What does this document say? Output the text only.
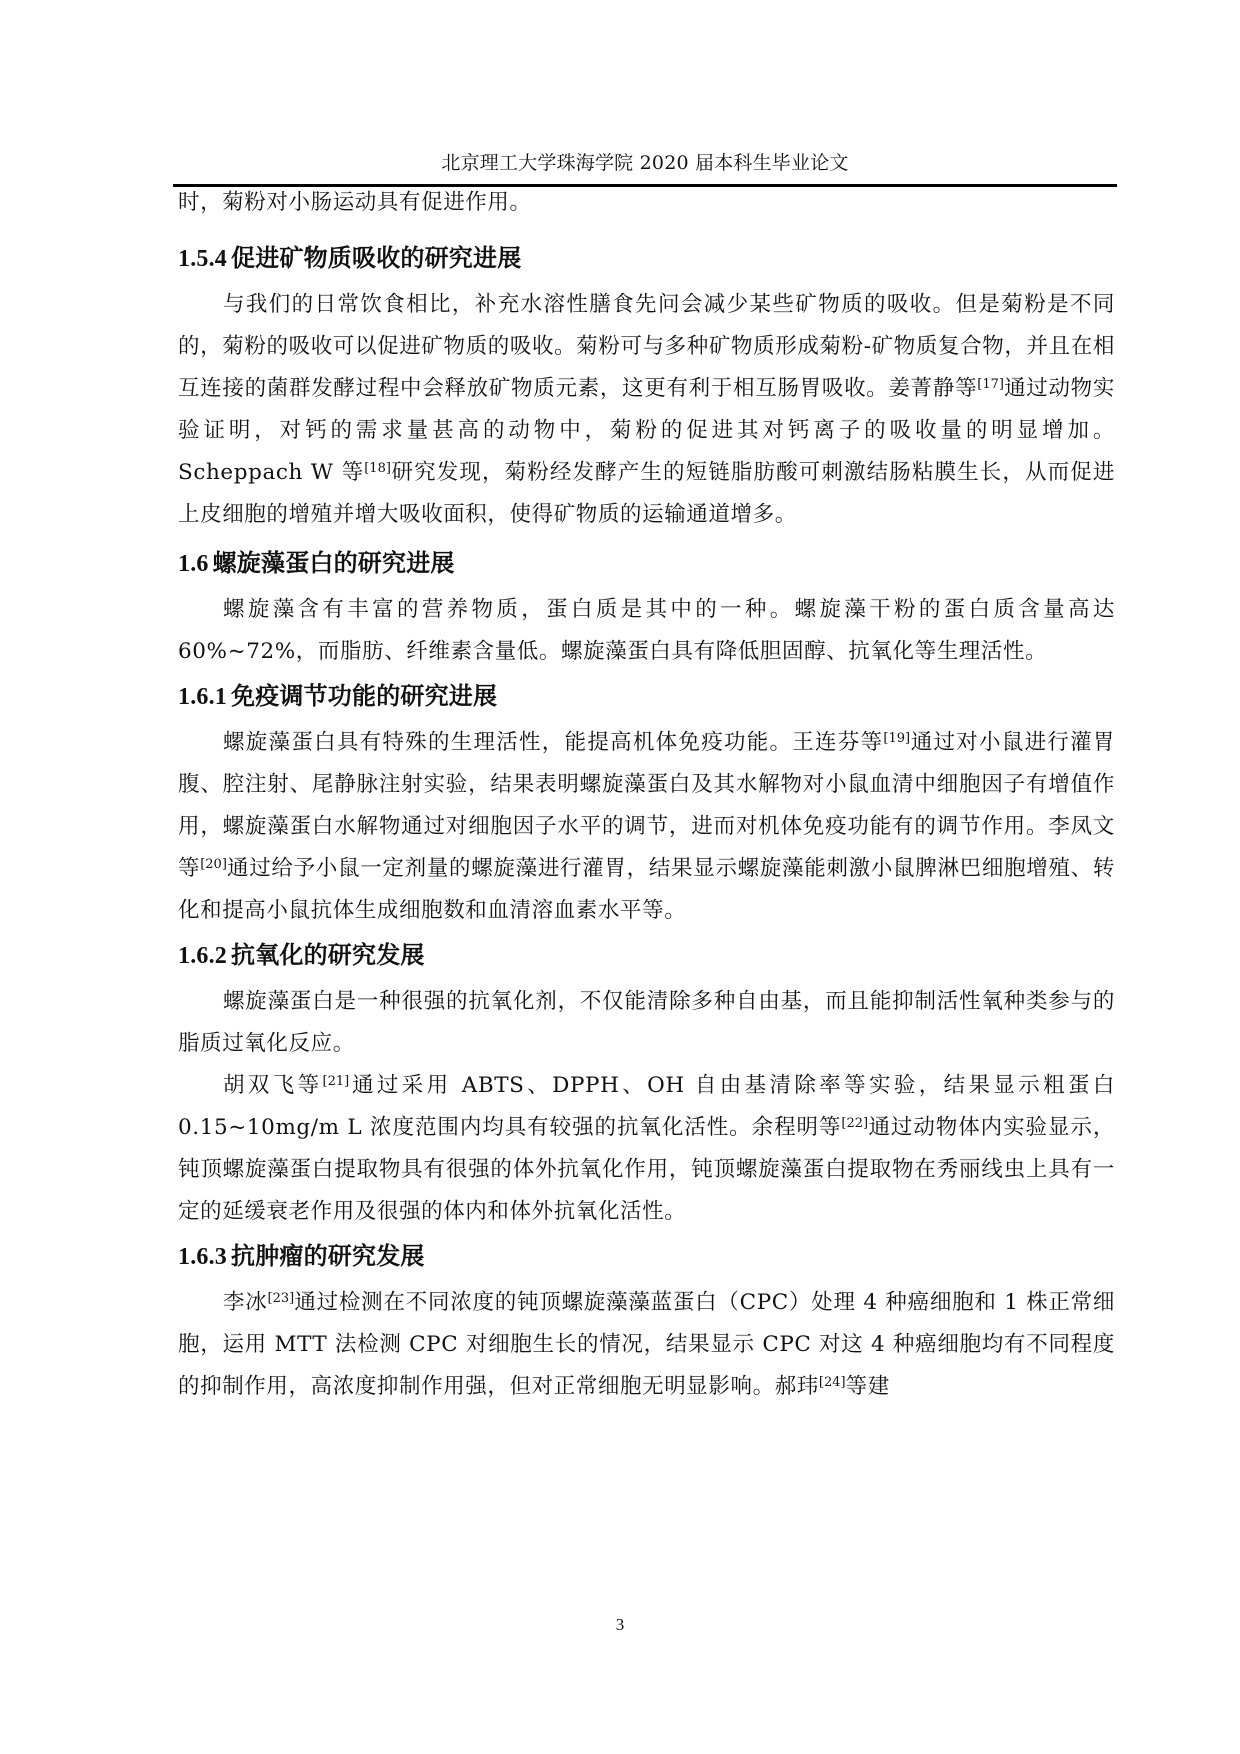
北京理工大学珠海学院 2020 届本科生毕业论文

时，菊粉对小肠运动具有促进作用。

1.5.4 促进矿物质吸收的研究进展

与我们的日常饮食相比，补充水溶性膳食先问会减少某些矿物质的吸收。但是菊粉是不同的，菊粉的吸收可以促进矿物质的吸收。菊粉可与多种矿物质形成菊粉-矿物质复合物，并且在相互连接的菌群发酵过程中会释放矿物质元素，这更有利于相互肠胃吸收。姜菁静等[17]通过动物实验证明，对钙的需求量甚高的动物中，菊粉的促进其对钙离子的吸收量的明显增加。Scheppach W 等[18]研究发现，菊粉经发酵产生的短链脂肪酸可刺激结肠粘膜生长，从而促进上皮细胞的增殖并增大吸收面积，使得矿物质的运输通道增多。

1.6 螺旋藻蛋白的研究进展

螺旋藻含有丰富的营养物质，蛋白质是其中的一种。螺旋藻干粉的蛋白质含量高达60%~72%，而脂肪、纤维素含量低。螺旋藻蛋白具有降低胆固醇、抗氧化等生理活性。

1.6.1 免疫调节功能的研究进展

螺旋藻蛋白具有特殊的生理活性，能提高机体免疫功能。王连芬等[19]通过对小鼠进行灌胃腹、腔注射、尾静脉注射实验，结果表明螺旋藻蛋白及其水解物对小鼠血清中细胞因子有增值作用，螺旋藻蛋白水解物通过对细胞因子水平的调节，进而对机体免疫功能有的调节作用。李凤文等[20]通过给予小鼠一定剂量的螺旋藻进行灌胃，结果显示螺旋藻能刺激小鼠脾淋巴细胞增殖、转化和提高小鼠抗体生成细胞数和血清溶血素水平等。

1.6.2 抗氧化的研究发展

螺旋藻蛋白是一种很强的抗氧化剂，不仅能清除多种自由基，而且能抑制活性氧种类参与的脂质过氧化反应。

胡双飞等[21]通过采用 ABTS、DPPH、OH 自由基清除率等实验，结果显示粗蛋白0.15~10mg/m L 浓度范围内均具有较强的抗氧化活性。余程明等[22]通过动物体内实验显示，钝顶螺旋藻蛋白提取物具有很强的体外抗氧化作用，钝顶螺旋藻蛋白提取物在秀丽线虫上具有一定的延缓衰老作用及很强的体内和体外抗氧化活性。

1.6.3 抗肿瘤的研究发展

李冰[23]通过检测在不同浓度的钝顶螺旋藻藻蓝蛋白（CPC）处理 4 种癌细胞和 1 株正常细胞，运用 MTT 法检测 CPC 对细胞生长的情况，结果显示 CPC 对这 4 种癌细胞均有不同程度的抑制作用，高浓度抑制作用强，但对正常细胞无明显影响。郝玮[24]等建

3
